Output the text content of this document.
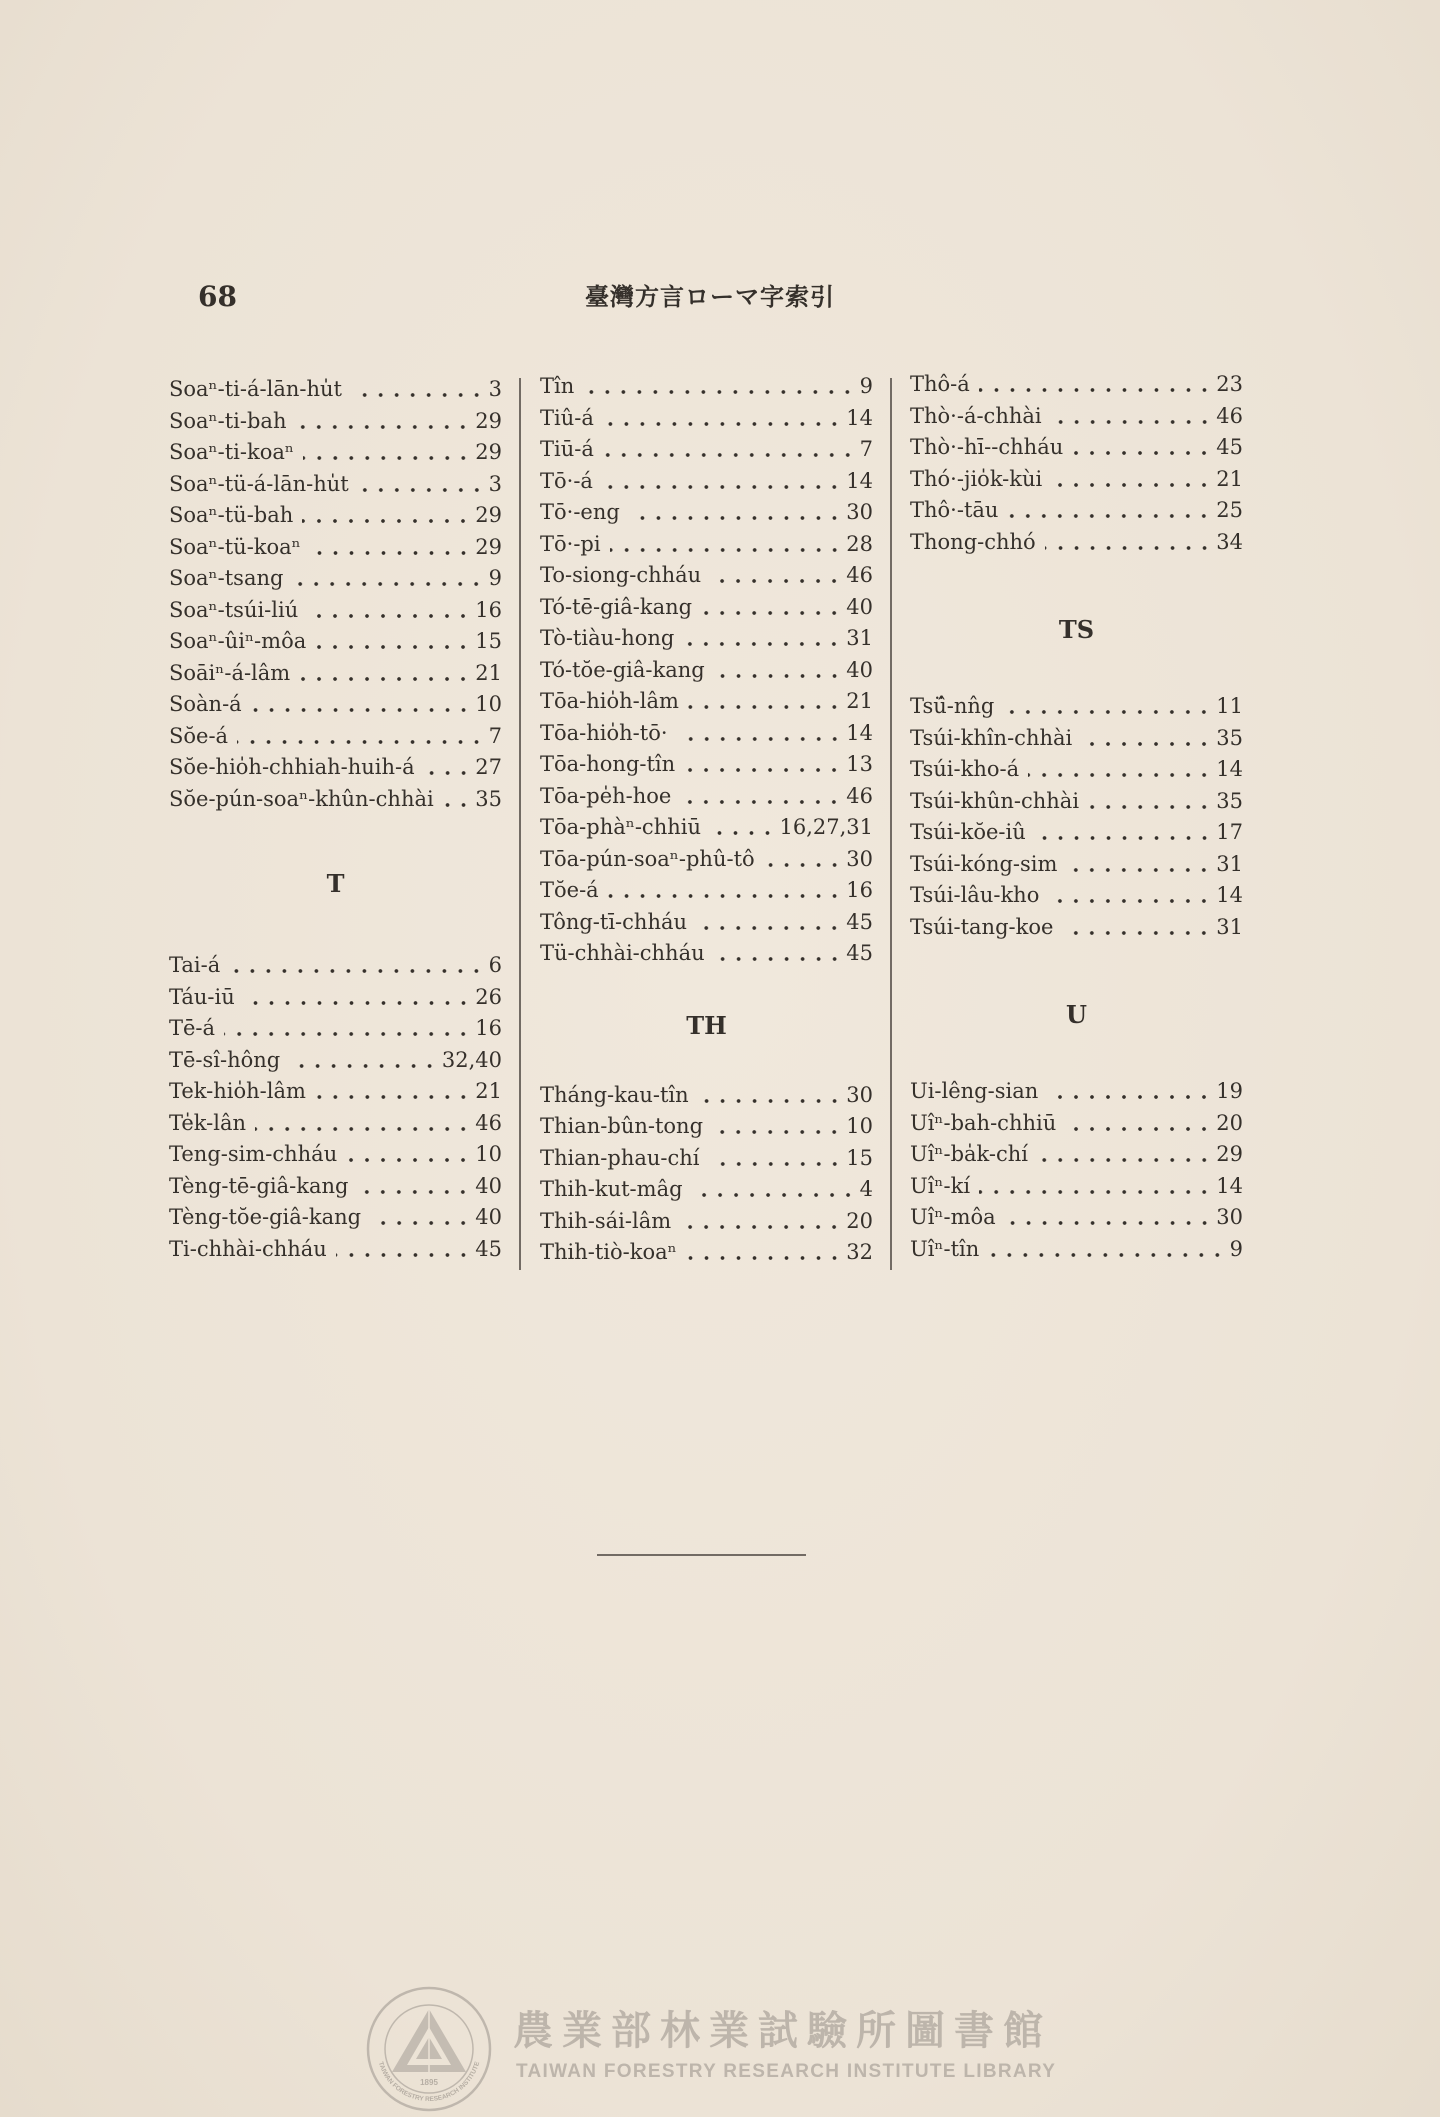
68	臺灣方言ローマ字索引
Soaⁿ-ti-á-lān-hu̍t	3
Soaⁿ-ti-bah	29
Soaⁿ-ti-koaⁿ	29
Soaⁿ-tü-á-lān-hu̍t	3
Soaⁿ-tü-bah	29
Soaⁿ-tü-koaⁿ	29
Soaⁿ-tsang	9
Soaⁿ-tsúi-liú	16
Soaⁿ-ûiⁿ-môa	15
Soāiⁿ-á-lâm	21
Soàn-á	10
Sŏe-á	7
Sŏe-hio̍h-chhiah-huih-á	27
Sŏe-pún-soaⁿ-khûn-chhài 35
T
Tai-á	6
Táu-iū	26
Tē-á	16
Tē-sî-hông	32,40
Tek-hio̍h-lâm	21
Te̍k-lân	46
Teng-sim-chháu	10
Tèng-tē-giâ-kang	40
Tèng-tŏe-giâ-kang	40
Ti-chhài-chháu	45
Tîn	9
Tiû-á	14
Tiū-á	7
Tō·-á	14
Tō·-eng	30
Tō·-pi	28
To-siong-chháu	46
Tó-tē-giâ-kang	40
Tò-tiàu-hong	31
Tó-tŏe-giâ-kang	40
Tōa-hio̍h-lâm	21
Tōa-hio̍h-tō·	14
Tōa-hong-tîn	13
Tōa-pe̍h-hoe	46
Tōa-phàⁿ-chhiū	16,27,31
Tōa-pún-soaⁿ-phû-tô	30
Tŏe-á	16
Tông-tī-chháu	45
Tü-chhài-chháu	45
TH
Tháng-kau-tîn	30
Thian-bûn-tong	10
Thian-phau-chí	15
Thih-kut-mâg	4
Thih-sái-lâm	20
Thih-tiò-koaⁿ	32
Thô-á	23
Thò·-á-chhài	46
Thò·-hī--chháu	45
Thó·-jio̍k-kùi	21
Thô·-tāu	25
Thong-chhó	34
TS
Tsü̂-nn̂g	11
Tsúi-khîn-chhài	35
Tsúi-kho-á	14
Tsúi-khûn-chhài	35
Tsúi-kŏe-iû	17
Tsúi-kóng-sim	31
Tsúi-lâu-kho	14
Tsúi-tang-koe	31
U
Ui-lêng-sian	19
Uîⁿ-bah-chhiū	20
Uîⁿ-ba̍k-chí	29
Uîⁿ-kí	14
Uîⁿ-môa	30
Uîⁿ-tîn	9
TAIWAN FORESTRY RESEARCH INSTITUTE
1895
農業部林業試驗所圖書館
TAIWAN FORESTRY RESEARCH INSTITUTE LIBRARY
